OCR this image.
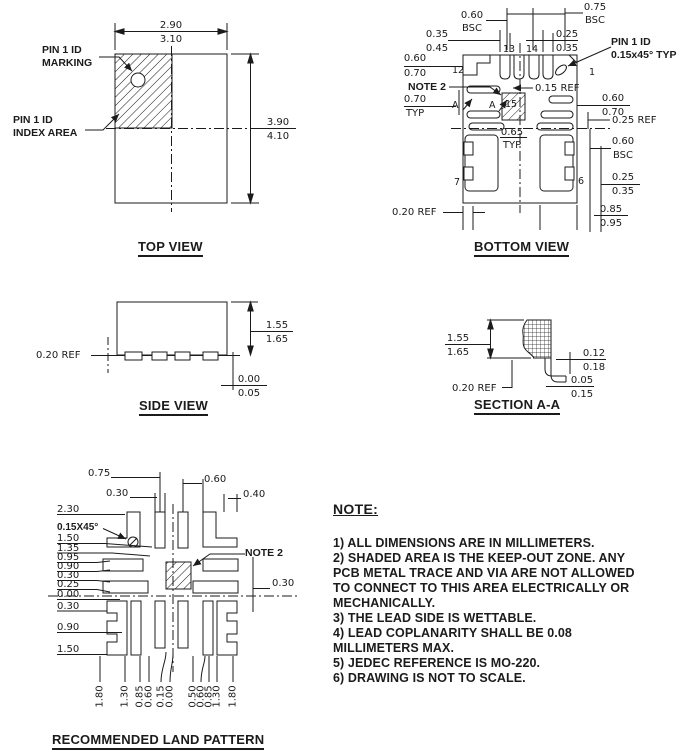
2.90
3.10
3.90
4.10
PIN 1 ID
MARKING
PIN 1 ID
INDEX AREA
TOP VIEW
0.60
BSC
0.75
BSC
0.35
0.45
0.25
0.35
PIN 1 ID
0.15x45° TYP
0.60
0.70
NOTE 2
0.70
TYP
0.15 REF
0.65
TYP
0.60
0.70
0.25 REF
0.60
BSC
0.25
0.35
0.20 REF	0.85
0.95
12
13 14
1
15
7	6
A	A
BOTTOM VIEW
1.55
1.65
0.00
0.05
0.20 REF
SIDE VIEW
1.55
1.65	0.12
0.18
0.05
0.15
0.20 REF
SECTION A-A
0.75
0.30
0.60
0.40
2.30
0.15X45°
1.50
1.35
0.95
0.90
0.30
0.25
0.00
0.30
0.90
1.50
NOTE 2
0.30
1.80 1.30 0.85
0.60 0.15
0.00 0.50
0.60
0.85
1.30 1.80
RECOMMENDED LAND PATTERN
NOTE:
1) ALL DIMENSIONS ARE IN MILLIMETERS.
2) SHADED AREA IS THE KEEP-OUT ZONE. ANY
PCB METAL TRACE AND VIA ARE NOT ALLOWED
TO CONNECT TO THIS AREA ELECTRICALLY OR
MECHANICALLY.
3) THE LEAD SIDE IS WETTABLE.
4) LEAD COPLANARITY SHALL BE 0.08
MILLIMETERS MAX.
5) JEDEC REFERENCE IS MO-220.
6) DRAWING IS NOT TO SCALE.
